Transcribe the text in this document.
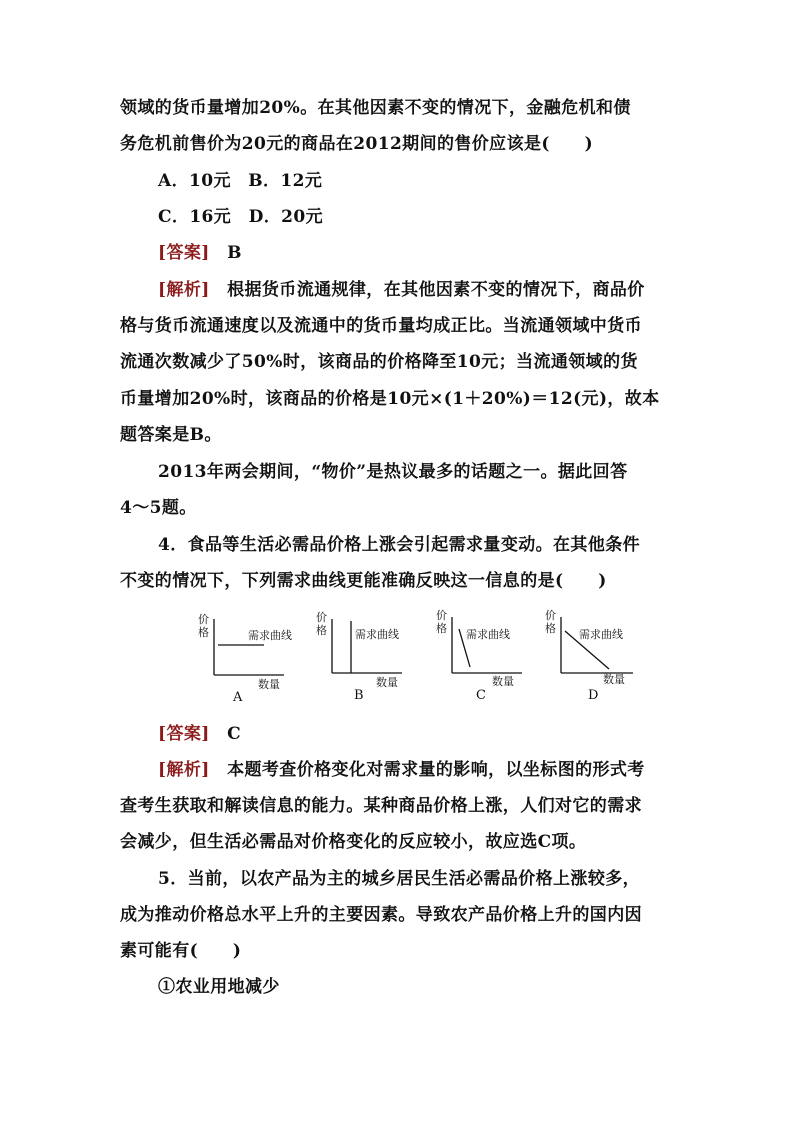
领域的货币量增加20%。在其他因素不变的情况下，金融危机和债
务危机前售价为20元的商品在2012期间的售价应该是(　　)
A．10元　B．12元
C．16元　D．20元
[答案]　 B
[解析]　 根据货币流通规律，在其他因素不变的情况下，商品价
格与货币流通速度以及流通中的货币量均成正比。当流通领域中货币
流通次数减少了50%时，该商品的价格降至10元；当流通领域的货
币量增加20%时，该商品的价格是10元×(1＋20%)＝12(元)，故本
题答案是B。
2013年两会期间，“物价”是热议最多的话题之一。据此回答
4～5题。
4．食品等生活必需品价格上涨会引起需求量变动。在其他条件
不变的情况下，下列需求曲线更能准确反映这一信息的是(　　)
价
格	需求曲线
数量
A
价
格	需求曲线
数量
B
价
格 需求曲线
数量
C
价
格 需求曲线
数量
D
[答案]　 C
[解析]　 本题考查价格变化对需求量的影响，以坐标图的形式考
查考生获取和解读信息的能力。某种商品价格上涨，人们对它的需求
会减少，但生活必需品对价格变化的反应较小，故应选C项。
5．当前，以农产品为主的城乡居民生活必需品价格上涨较多，
成为推动价格总水平上升的主要因素。导致农产品价格上升的国内因
素可能有(　　)
①农业用地减少
